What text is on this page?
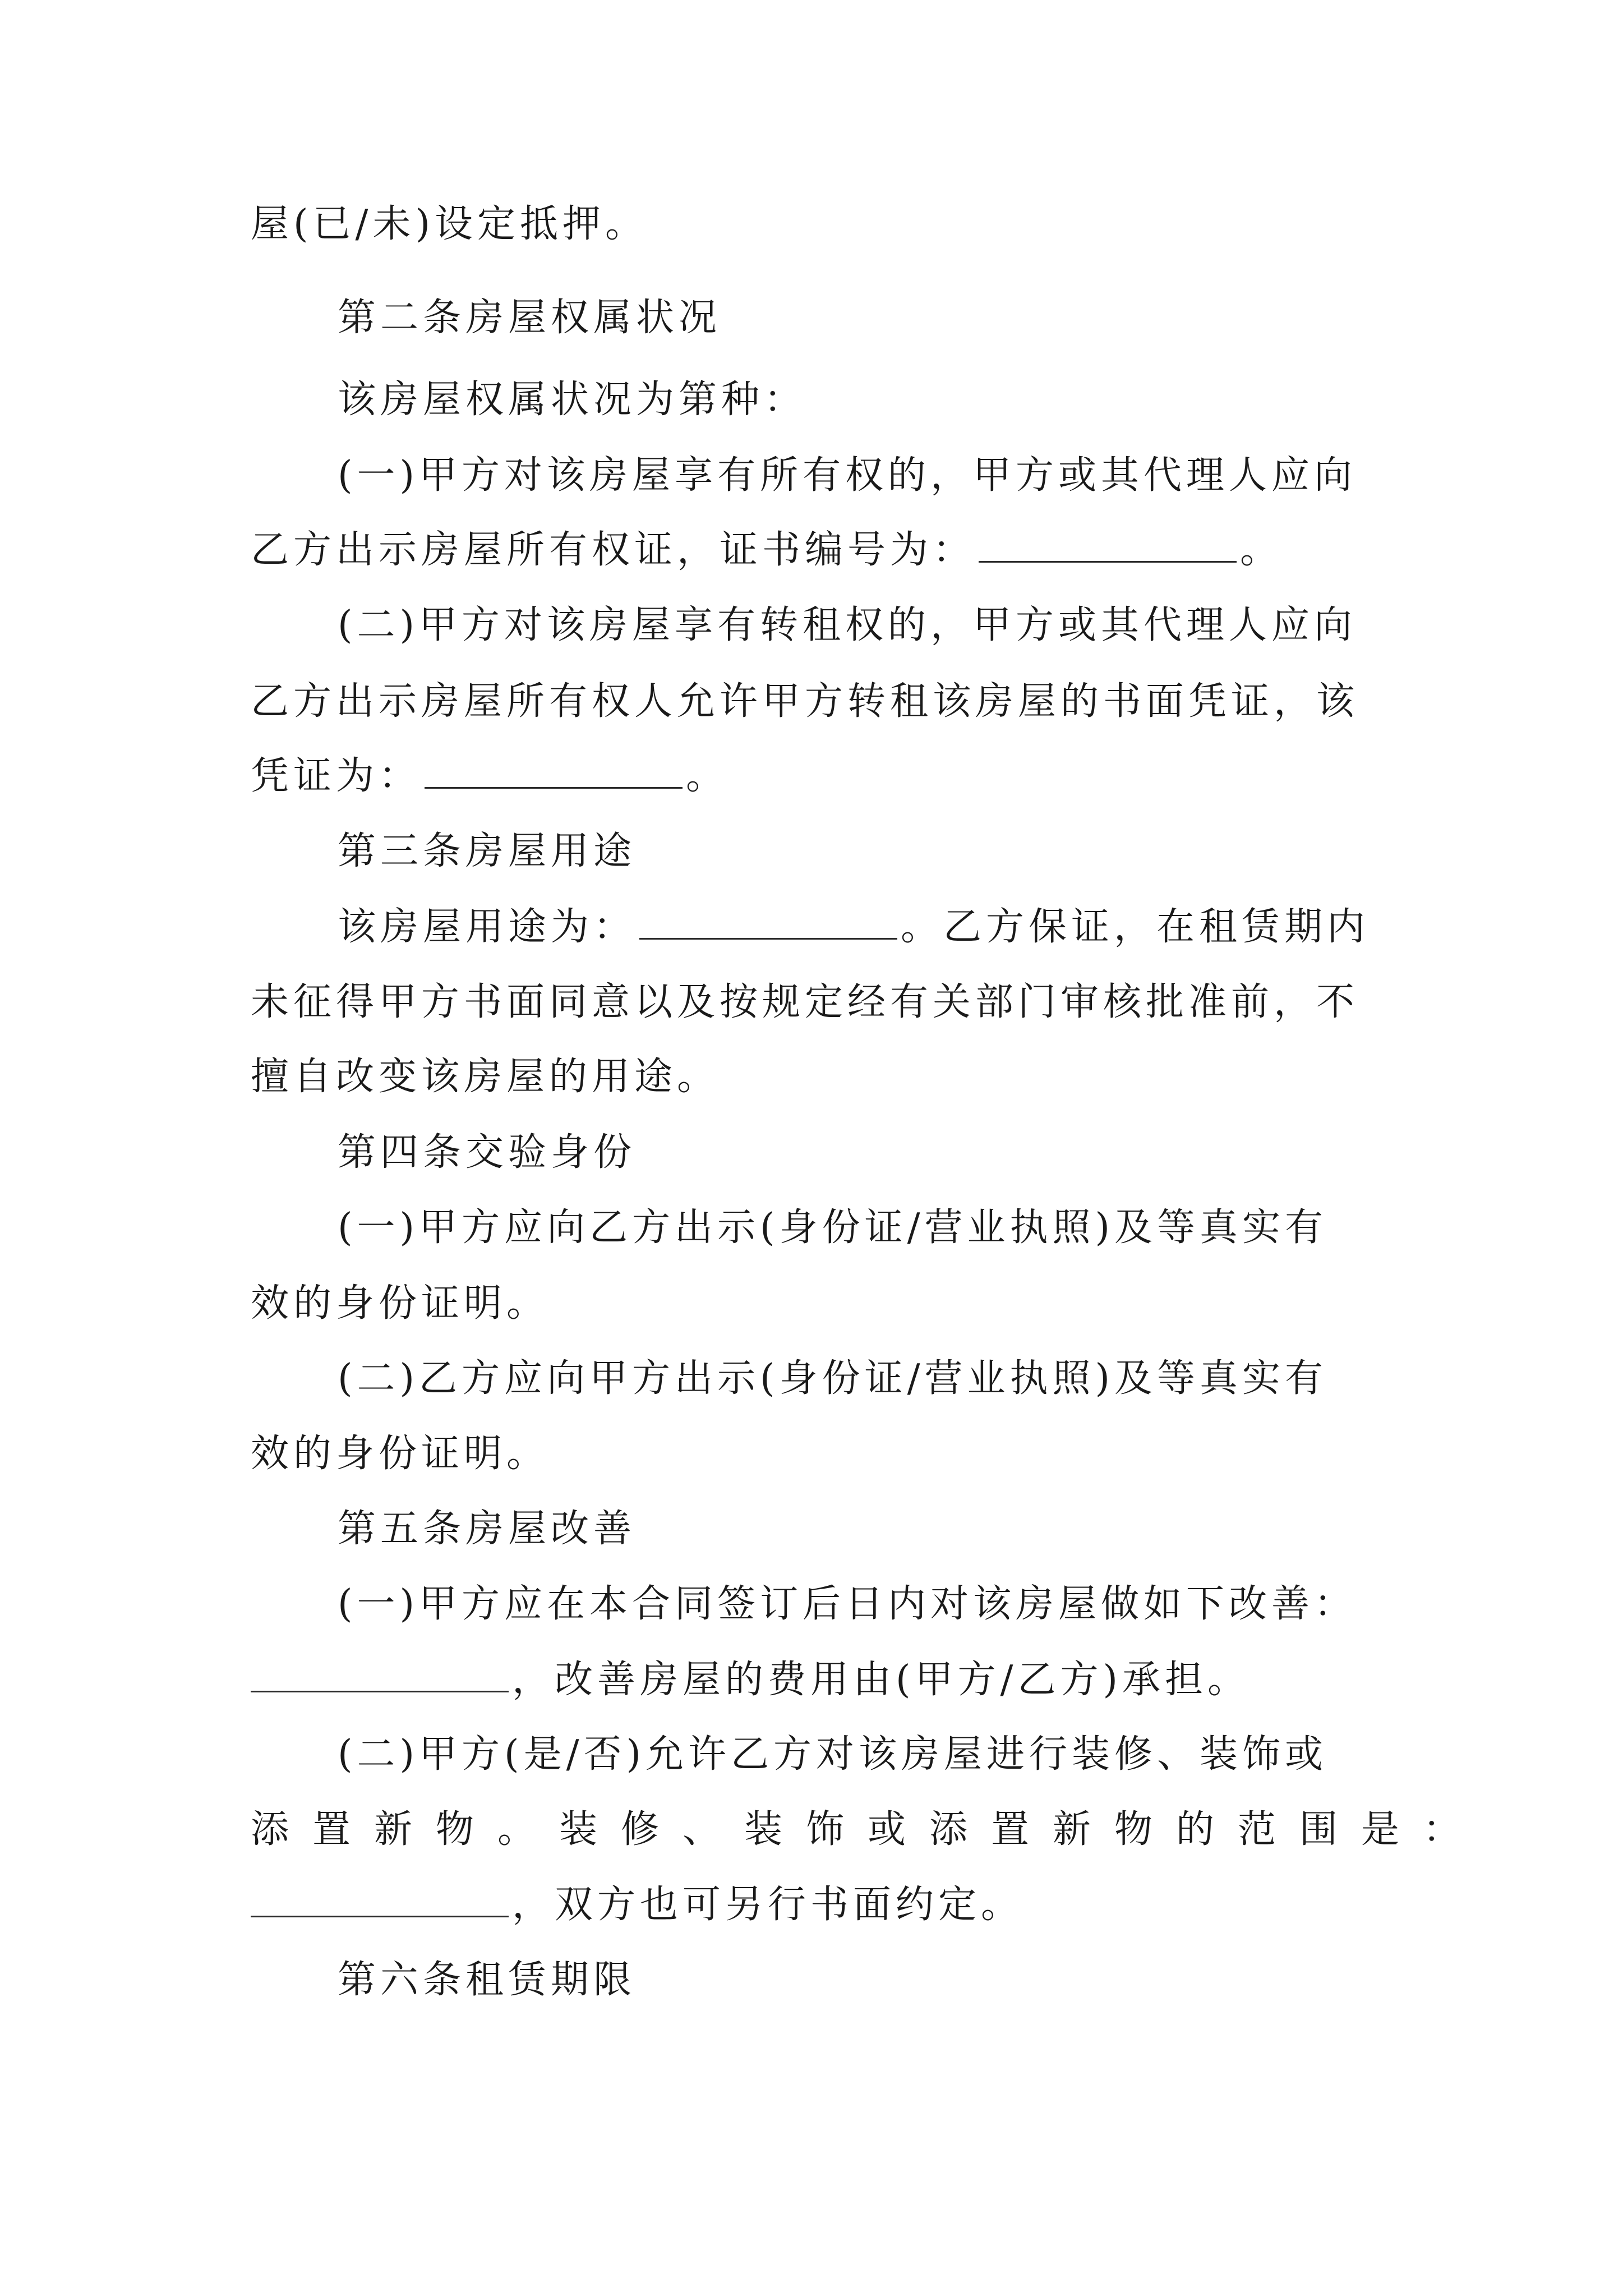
屋(已/未)设定抵押。
第二条房屋权属状况
该房屋权属状况为第种：
(一)甲方对该房屋享有所有权的，甲方或其代理人应向
乙方出示房屋所有权证，证书编号为：	。
(二)甲方对该房屋享有转租权的，甲方或其代理人应向
乙方出示房屋所有权人允许甲方转租该房屋的书面凭证，该
凭证为：	。
第三条房屋用途
该房屋用途为：	。乙方保证，在租赁期内
未征得甲方书面同意以及按规定经有关部门审核批准前，不
擅自改变该房屋的用途。
第四条交验身份
(一)甲方应向乙方出示(身份证/营业执照)及等真实有
效的身份证明。
(二)乙方应向甲方出示(身份证/营业执照)及等真实有
效的身份证明。
第五条房屋改善
(一)甲方应在本合同签订后日内对该房屋做如下改善：
，改善房屋的费用由(甲方/乙方)承担。
(二)甲方(是/否)允许乙方对该房屋进行装修、装饰或
添置新物。装修、装饰或添置新物的范围是：
，双方也可另行书面约定。
第六条租赁期限
